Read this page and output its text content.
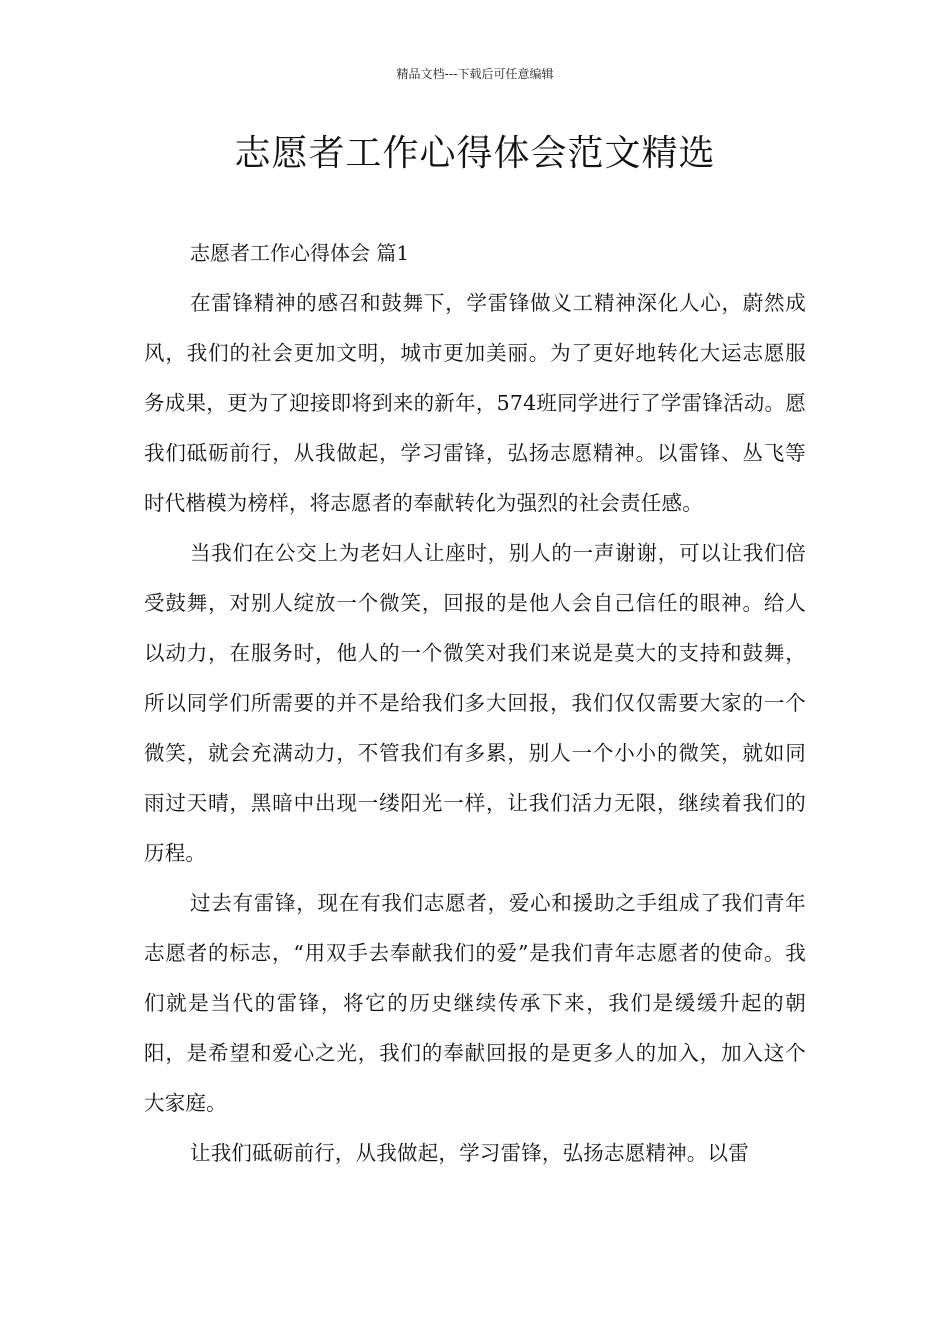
精品文档---下载后可任意编辑
志愿者工作心得体会范文精选
志愿者工作心得体会 篇1

在雷锋精神的感召和鼓舞下，学雷锋做义工精神深化人心，蔚然成风，我们的社会更加文明，城市更加美丽。为了更好地转化大运志愿服务成果，更为了迎接即将到来的新年，574班同学进行了学雷锋活动。愿我们砥砺前行，从我做起，学习雷锋，弘扬志愿精神。以雷锋、丛飞等时代楷模为榜样，将志愿者的奉献转化为强烈的社会责任感。

当我们在公交上为老妇人让座时，别人的一声谢谢，可以让我们倍受鼓舞，对别人绽放一个微笑，回报的是他人会自己信任的眼神。给人以动力，在服务时，他人的一个微笑对我们来说是莫大的支持和鼓舞，所以同学们所需要的并不是给我们多大回报，我们仅仅需要大家的一个微笑，就会充满动力，不管我们有多累，别人一个小小的微笑，就如同雨过天晴，黑暗中出现一缕阳光一样，让我们活力无限，继续着我们的历程。

过去有雷锋，现在有我们志愿者，爱心和援助之手组成了我们青年志愿者的标志，“用双手去奉献我们的爱”是我们青年志愿者的使命。我们就是当代的雷锋，将它的历史继续传承下来，我们是缓缓升起的朝阳，是希望和爱心之光，我们的奉献回报的是更多人的加入，加入这个大家庭。

让我们砥砺前行，从我做起，学习雷锋，弘扬志愿精神。以雷
